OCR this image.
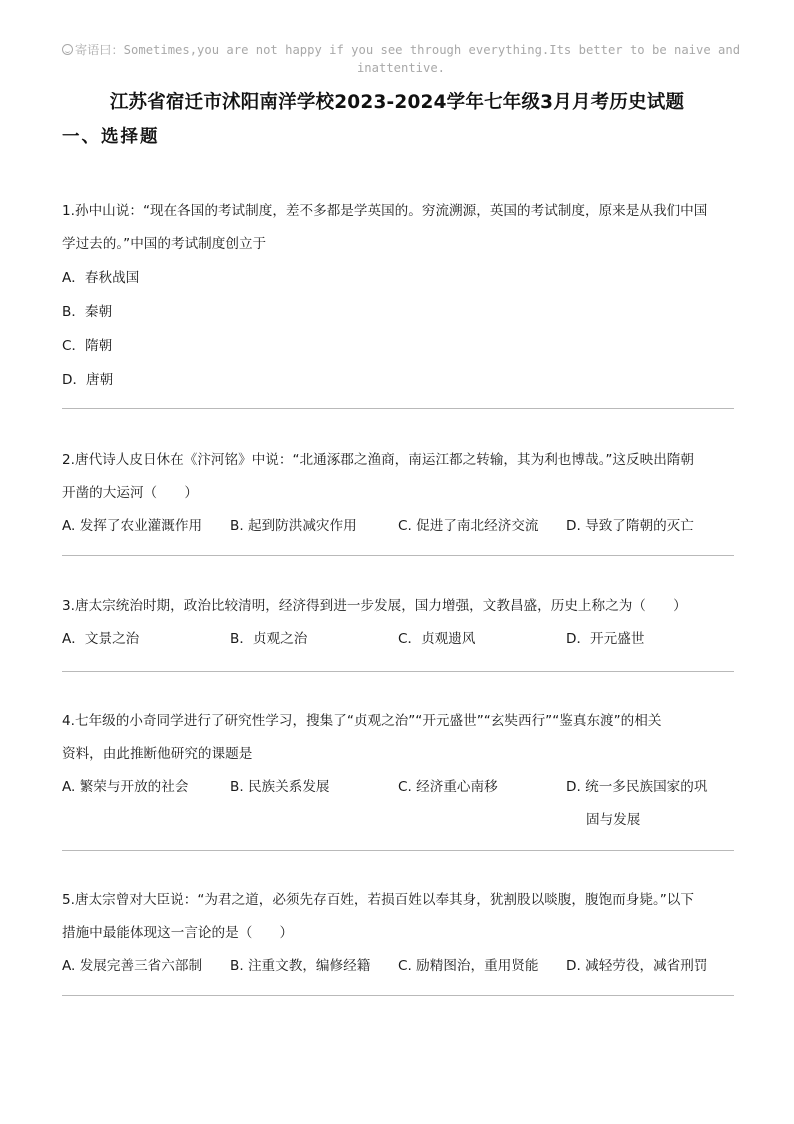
寄语曰：Sometimes,you are not happy if you see through everything.Its better to be naive and
inattentive.
江苏省宿迁市沭阳南洋学校2023-2024学年七年级3月月考历史试题
一、选择题

1.孙中山说：“现在各国的考试制度，差不多都是学英国的。穷流溯源，英国的考试制度，原来是从我们中国

学过去的。”中国的考试制度创立于

A．春秋战国

B．秦朝

C．隋朝

D．唐朝

2.唐代诗人皮日休在《汴河铭》中说：“北通涿郡之渔商，南运江都之转输，其为利也博哉。”这反映出隋朝

开凿的大运河（　　）

A. 发挥了农业灌溉作用	B. 起到防洪减灾作用	C. 促进了南北经济交流	D. 导致了隋朝的灭亡

3.唐太宗统治时期，政治比较清明，经济得到进一步发展，国力增强，文教昌盛，历史上称之为（　　）

A．文景之治	B．贞观之治	C．贞观遗风	D．开元盛世

4.七年级的小奇同学进行了研究性学习，搜集了“贞观之治”“开元盛世”“玄奘西行”“鉴真东渡”的相关

资料，由此推断他研究的课题是

A. 繁荣与开放的社会	B. 民族关系发展	C. 经济重心南移	D. 统一多民族国家的巩
固与发展

5.唐太宗曾对大臣说：“为君之道，必须先存百姓，若损百姓以奉其身，犹割股以啖腹，腹饱而身毙。”以下

措施中最能体现这一言论的是（　　）

A. 发展完善三省六部制	B. 注重文教，编修经籍	C. 励精图治，重用贤能	D. 减轻劳役，减省刑罚
